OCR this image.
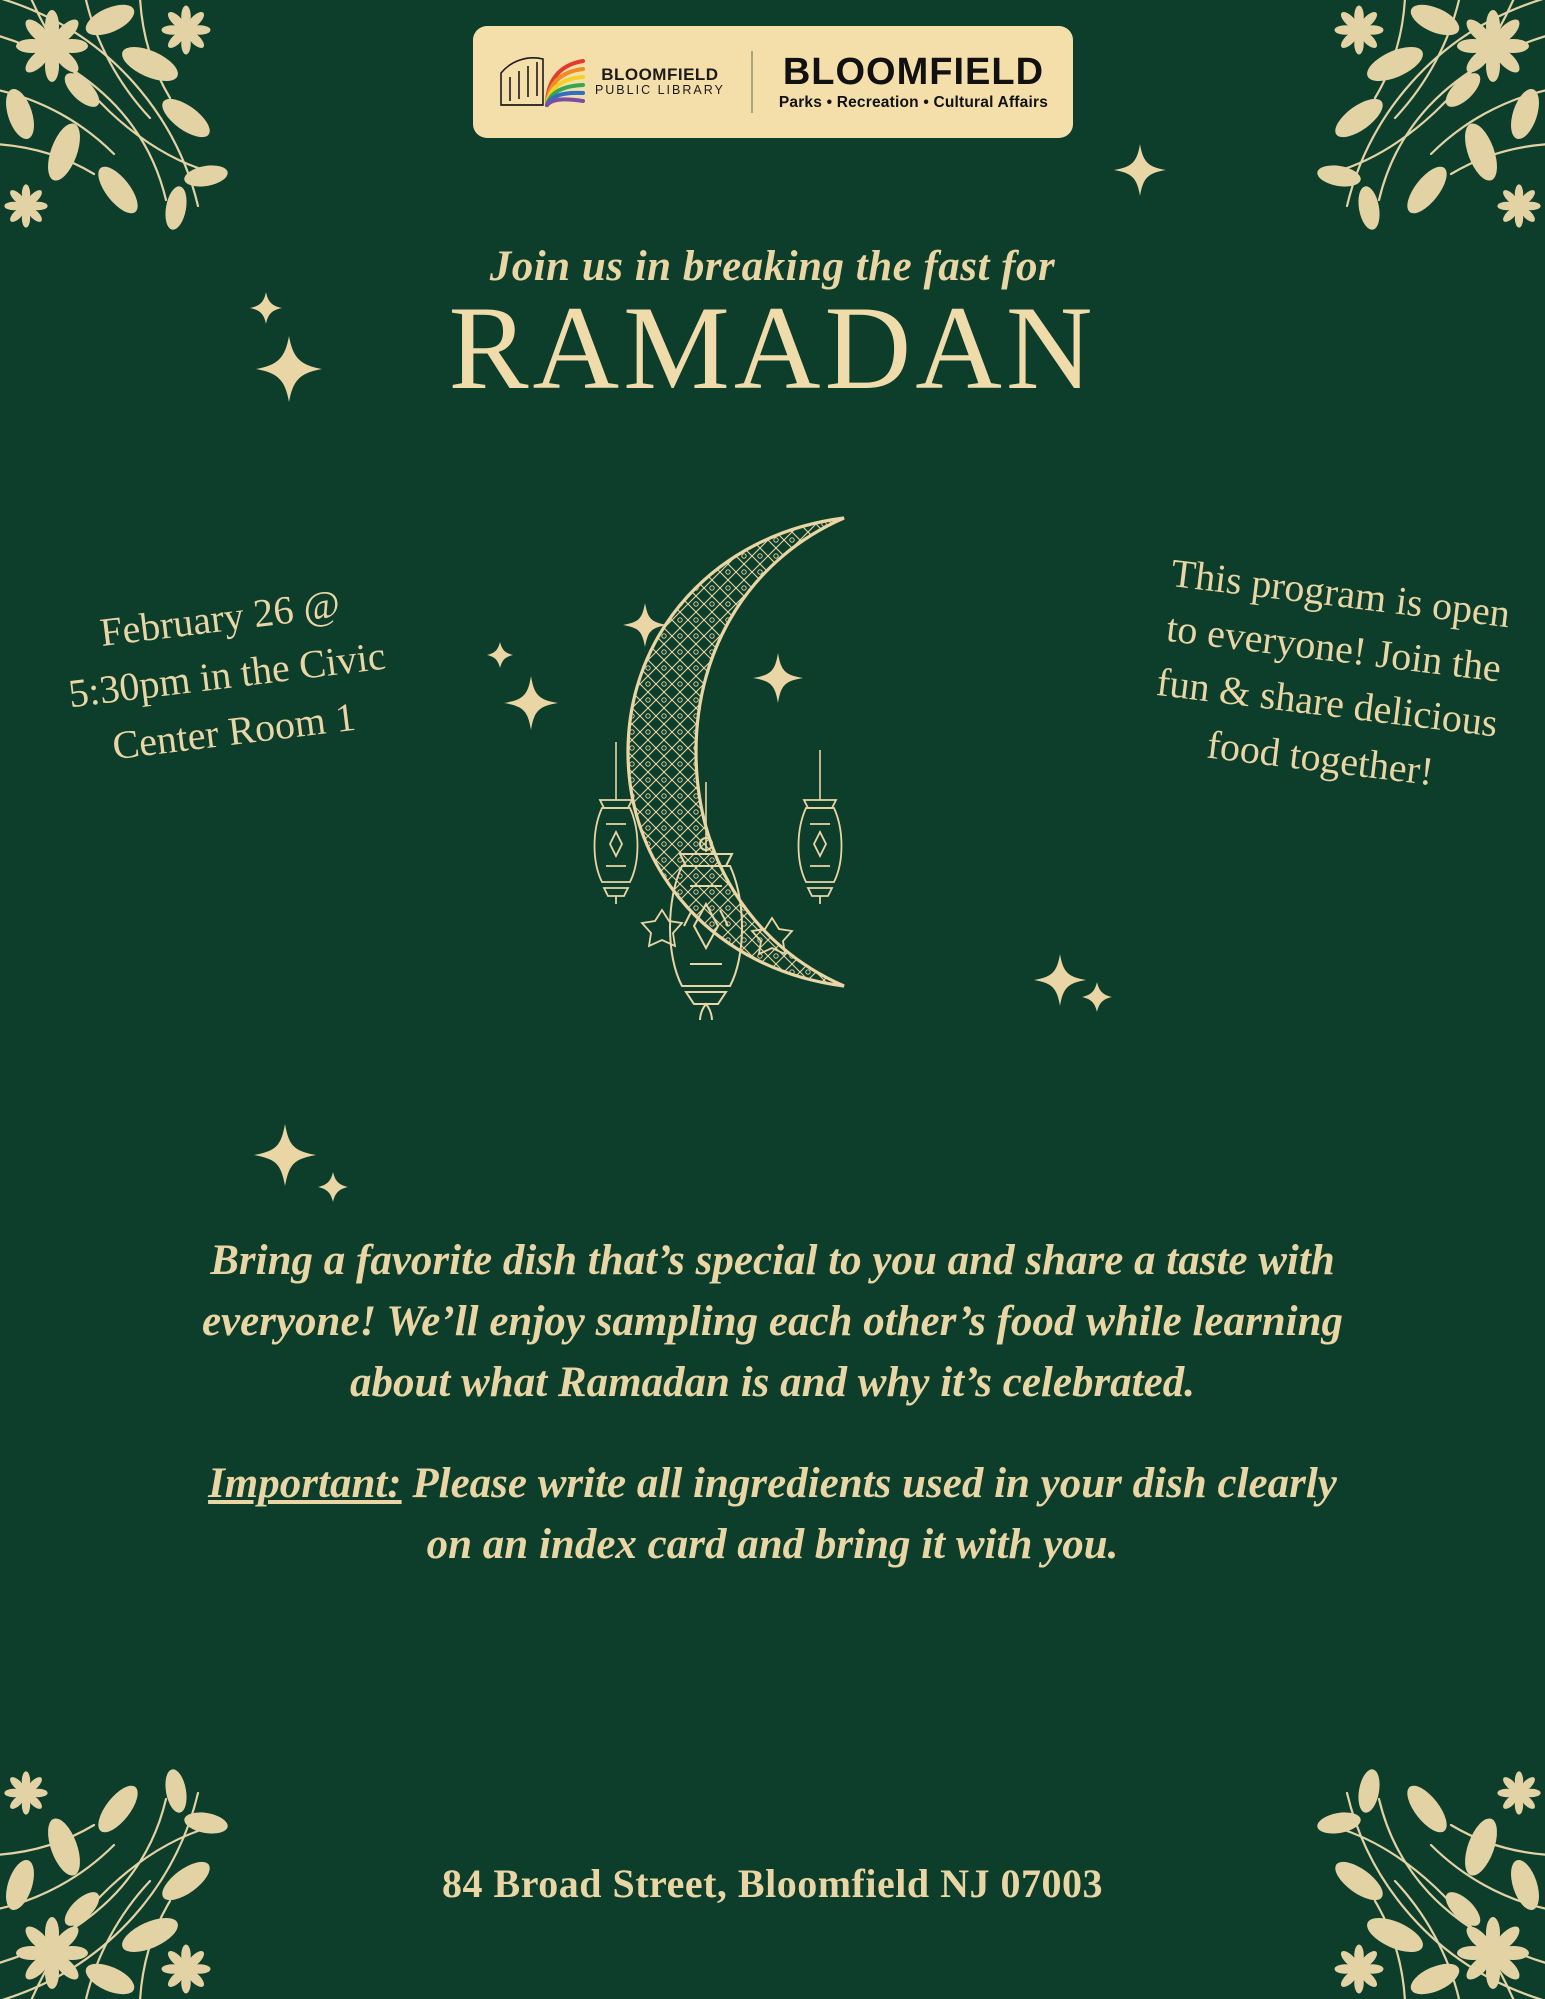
BLOOMFIELD
PUBLIC LIBRARY BLOOMFIELD
Parks • Recreation • Cultural Affairs
Join us in breaking the fast for
RAMADAN
February 26 @ 5:30pm in the Civic Center Room 1
This program is open to everyone! Join the fun & share delicious food together!

Bring a favorite dish that’s special to you and share a taste with everyone! We’ll enjoy sampling each other’s food while learning about what Ramadan is and why it’s celebrated.

Important: Please write all ingredients used in your dish clearly on an index card and bring it with you.

84 Broad Street, Bloomfield NJ 07003
